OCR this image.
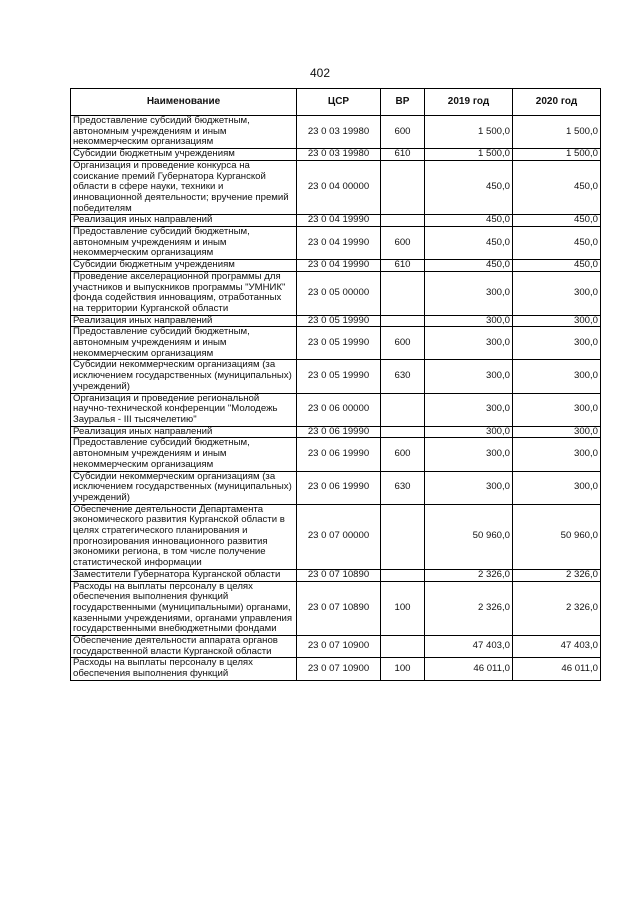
402
Наименование	ЦСР	ВР	2019 год	2020 год
Предоставление субсидий бюджетным, автономным учреждениям и иным некоммерческим организациям	23 0 03 19980	600	1 500,0	1 500,0
Субсидии бюджетным учреждениям	23 0 03 19980	610	1 500,0	1 500,0
Организация и проведение конкурса на соискание премий Губернатора Курганской области в сфере науки, техники и инновационной деятельности; вручение премий победителям	23 0 04 00000		450,0	450,0
Реализация иных направлений	23 0 04 19990		450,0	450,0
Предоставление субсидий бюджетным, автономным учреждениям и иным некоммерческим организациям	23 0 04 19990	600	450,0	450,0
Субсидии бюджетным учреждениям	23 0 04 19990	610	450,0	450,0
Проведение акселерационной программы для участников и выпускников программы "УМНИК" фонда содействия инновациям, отработанных на территории Курганской области	23 0 05 00000		300,0	300,0
Реализация иных направлений	23 0 05 19990		300,0	300,0
Предоставление субсидий бюджетным, автономным учреждениям и иным некоммерческим организациям	23 0 05 19990	600	300,0	300,0
Субсидии некоммерческим организациям (за исключением государственных (муниципальных) учреждений)	23 0 05 19990	630	300,0	300,0
Организация и проведение региональной научно-технической конференции "Молодежь Зауралья - III тысячелетию"	23 0 06 00000		300,0	300,0
Реализация иных направлений	23 0 06 19990		300,0	300,0
Предоставление субсидий бюджетным, автономным учреждениям и иным некоммерческим организациям	23 0 06 19990	600	300,0	300,0
Субсидии некоммерческим организациям (за исключением государственных (муниципальных) учреждений)	23 0 06 19990	630	300,0	300,0
Обеспечение деятельности Департамента экономического развития Курганской области в целях стратегического планирования и прогнозирования инновационного развития экономики региона, в том числе получение статистической информации	23 0 07 00000		50 960,0	50 960,0
Заместители Губернатора Курганской области	23 0 07 10890		2 326,0	2 326,0
Расходы на выплаты персоналу в целях обеспечения выполнения функций государственными (муниципальными) органами, казенными учреждениями, органами управления государственными внебюджетными фондами	23 0 07 10890	100	2 326,0	2 326,0
Обеспечение деятельности аппарата органов государственной власти Курганской области	23 0 07 10900		47 403,0	47 403,0
Расходы на выплаты персоналу в целях обеспечения выполнения функций	23 0 07 10900	100	46 011,0	46 011,0
